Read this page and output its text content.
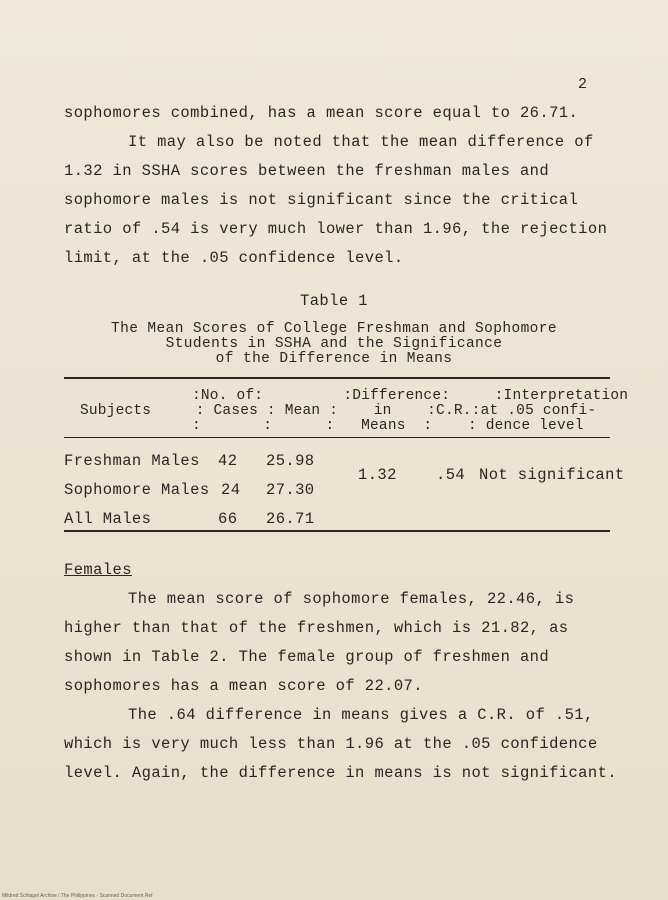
2
sophomores combined, has a mean score equal to 26.71.
It may also be noted that the mean difference of
1.32 in SSHA scores between the freshman males and
sophomore males is not significant since the critical
ratio of .54 is very much lower than 1.96, the rejection
limit, at the .05 confidence level.
Table 1
The Mean Scores of College Freshman and Sophomore
Students in SSHA and the Significance
of the Difference in Means
:No. of:         :Difference:     :Interpretation
Subjects     : Cases : Mean :    in    :C.R.:at .05 confi-
:       :      :   Means  :    : dence level
Freshman Males 42 25.98
Sophomore Males 24 27.30
All Males	66 26.71
1.32	.54 Not significant
Females
The mean score of sophomore females, 22.46, is
higher than that of the freshmen, which is 21.82, as
shown in Table 2. The female group of freshmen and
sophomores has a mean score of 22.07.
The .64 difference in means gives a C.R. of .51,
which is very much less than 1.96 at the .05 confidence
level. Again, the difference in means is not significant.
Mildred Schlagel Archive / The Philippines - Scanned Document Ref
